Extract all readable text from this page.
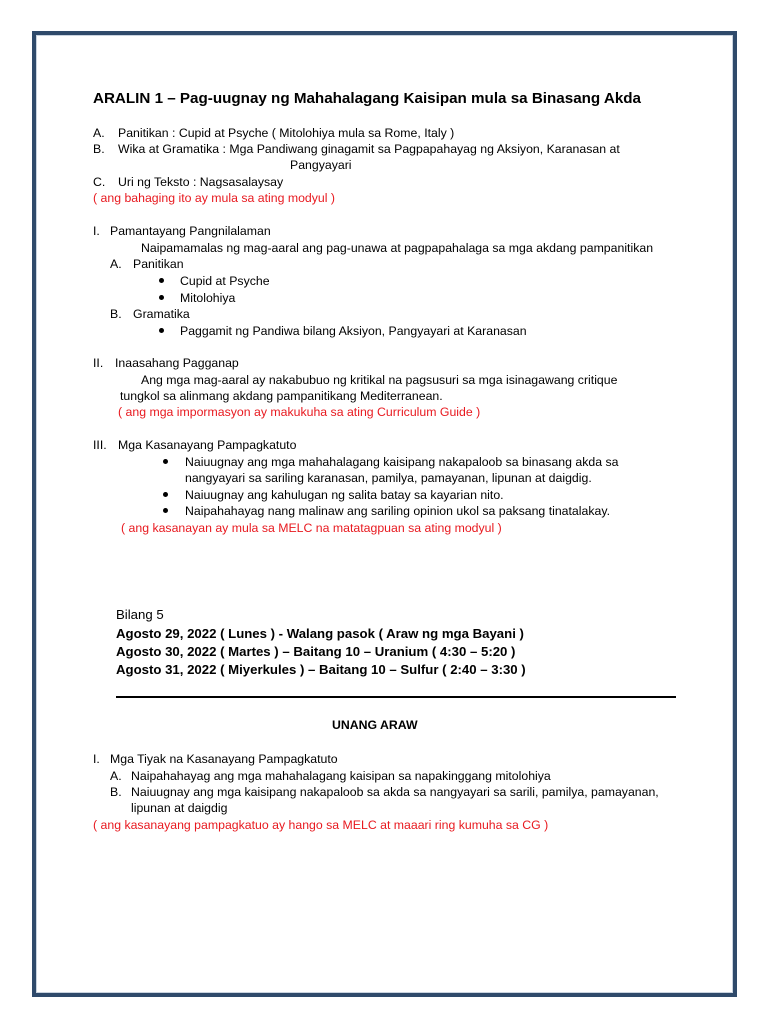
ARALIN 1 – Pag-uugnay ng Mahahalagang Kaisipan mula sa Binasang Akda
A. Panitikan : Cupid at Psyche ( Mitolohiya mula sa Rome, Italy )
B. Wika at Gramatika : Mga Pandiwang ginagamit sa Pagpapahayag ng Aksiyon, Karanasan at
Pangyayari
C. Uri ng Teksto : Nagsasalaysay
( ang bahaging ito ay mula sa ating modyul )
I. Pamantayang Pangnilalaman
Naipamamalas ng mag-aaral ang pag-unawa at pagpapahalaga sa mga akdang pampanitikan
A. Panitikan
Cupid at Psyche
Mitolohiya
B. Gramatika
Paggamit ng Pandiwa bilang Aksiyon, Pangyayari at Karanasan
II. Inaasahang Pagganap
Ang mga mag-aaral ay nakabubuo ng kritikal na pagsusuri sa mga isinagawang critique
tungkol sa alinmang akdang pampanitikang Mediterranean.
( ang mga impormasyon ay makukuha sa ating Curriculum Guide )
III. Mga Kasanayang Pampagkatuto
Naiuugnay ang mga mahahalagang kaisipang nakapaloob sa binasang akda sa
nangyayari sa sariling karanasan, pamilya, pamayanan, lipunan at daigdig.
Naiuugnay ang kahulugan ng salita batay sa kayarian nito.
Naipahahayag nang malinaw ang sariling opinion ukol sa paksang tinatalakay.
( ang kasanayan ay mula sa MELC na matatagpuan sa ating modyul )
Bilang 5
Agosto 29, 2022 ( Lunes ) - Walang pasok ( Araw ng mga Bayani )
Agosto 30, 2022 ( Martes ) – Baitang 10 – Uranium ( 4:30 – 5:20 )
Agosto 31, 2022 ( Miyerkules ) – Baitang 10 – Sulfur ( 2:40 – 3:30 )
UNANG ARAW
I. Mga Tiyak na Kasanayang Pampagkatuto
A. Naipahahayag ang mga mahahalagang kaisipan sa napakinggang mitolohiya
B. Naiuugnay ang mga kaisipang nakapaloob sa akda sa nangyayari sa sarili, pamilya, pamayanan,
lipunan at daigdig
( ang kasanayang pampagkatuo ay hango sa MELC at maaari ring kumuha sa CG )
